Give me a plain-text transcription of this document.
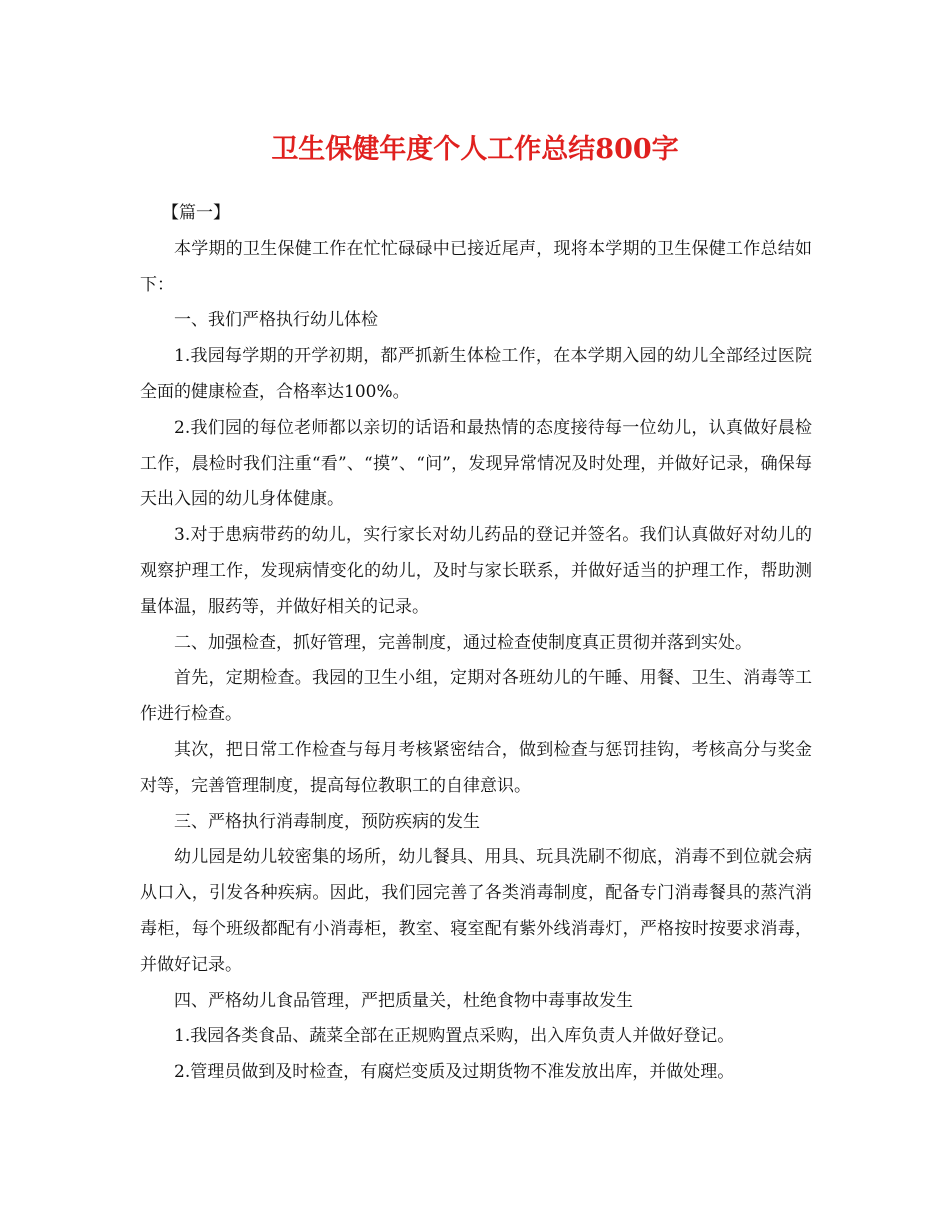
卫生保健年度个人工作总结800字

【篇一】

本学期的卫生保健工作在忙忙碌碌中已接近尾声，现将本学期的卫生保健工作总结如下：

一、我们严格执行幼儿体检

1.我园每学期的开学初期，都严抓新生体检工作，在本学期入园的幼儿全部经过医院全面的健康检查，合格率达100%。

2.我们园的每位老师都以亲切的话语和最热情的态度接待每一位幼儿，认真做好晨检工作，晨检时我们注重“看”、“摸”、“问”，发现异常情况及时处理，并做好记录，确保每天出入园的幼儿身体健康。

3.对于患病带药的幼儿，实行家长对幼儿药品的登记并签名。我们认真做好对幼儿的观察护理工作，发现病情变化的幼儿，及时与家长联系，并做好适当的护理工作，帮助测量体温，服药等，并做好相关的记录。

二、加强检查，抓好管理，完善制度，通过检查使制度真正贯彻并落到实处。

首先，定期检查。我园的卫生小组，定期对各班幼儿的午睡、用餐、卫生、消毒等工作进行检查。

其次，把日常工作检查与每月考核紧密结合，做到检查与惩罚挂钩，考核高分与奖金对等，完善管理制度，提高每位教职工的自律意识。

三、严格执行消毒制度，预防疾病的发生

幼儿园是幼儿较密集的场所，幼儿餐具、用具、玩具洗刷不彻底，消毒不到位就会病从口入，引发各种疾病。因此，我们园完善了各类消毒制度，配备专门消毒餐具的蒸汽消毒柜，每个班级都配有小消毒柜，教室、寝室配有紫外线消毒灯，严格按时按要求消毒，并做好记录。

四、严格幼儿食品管理，严把质量关，杜绝食物中毒事故发生

1.我园各类食品、蔬菜全部在正规购置点采购，出入库负责人并做好登记。

2.管理员做到及时检查，有腐烂变质及过期货物不准发放出库，并做处理。
